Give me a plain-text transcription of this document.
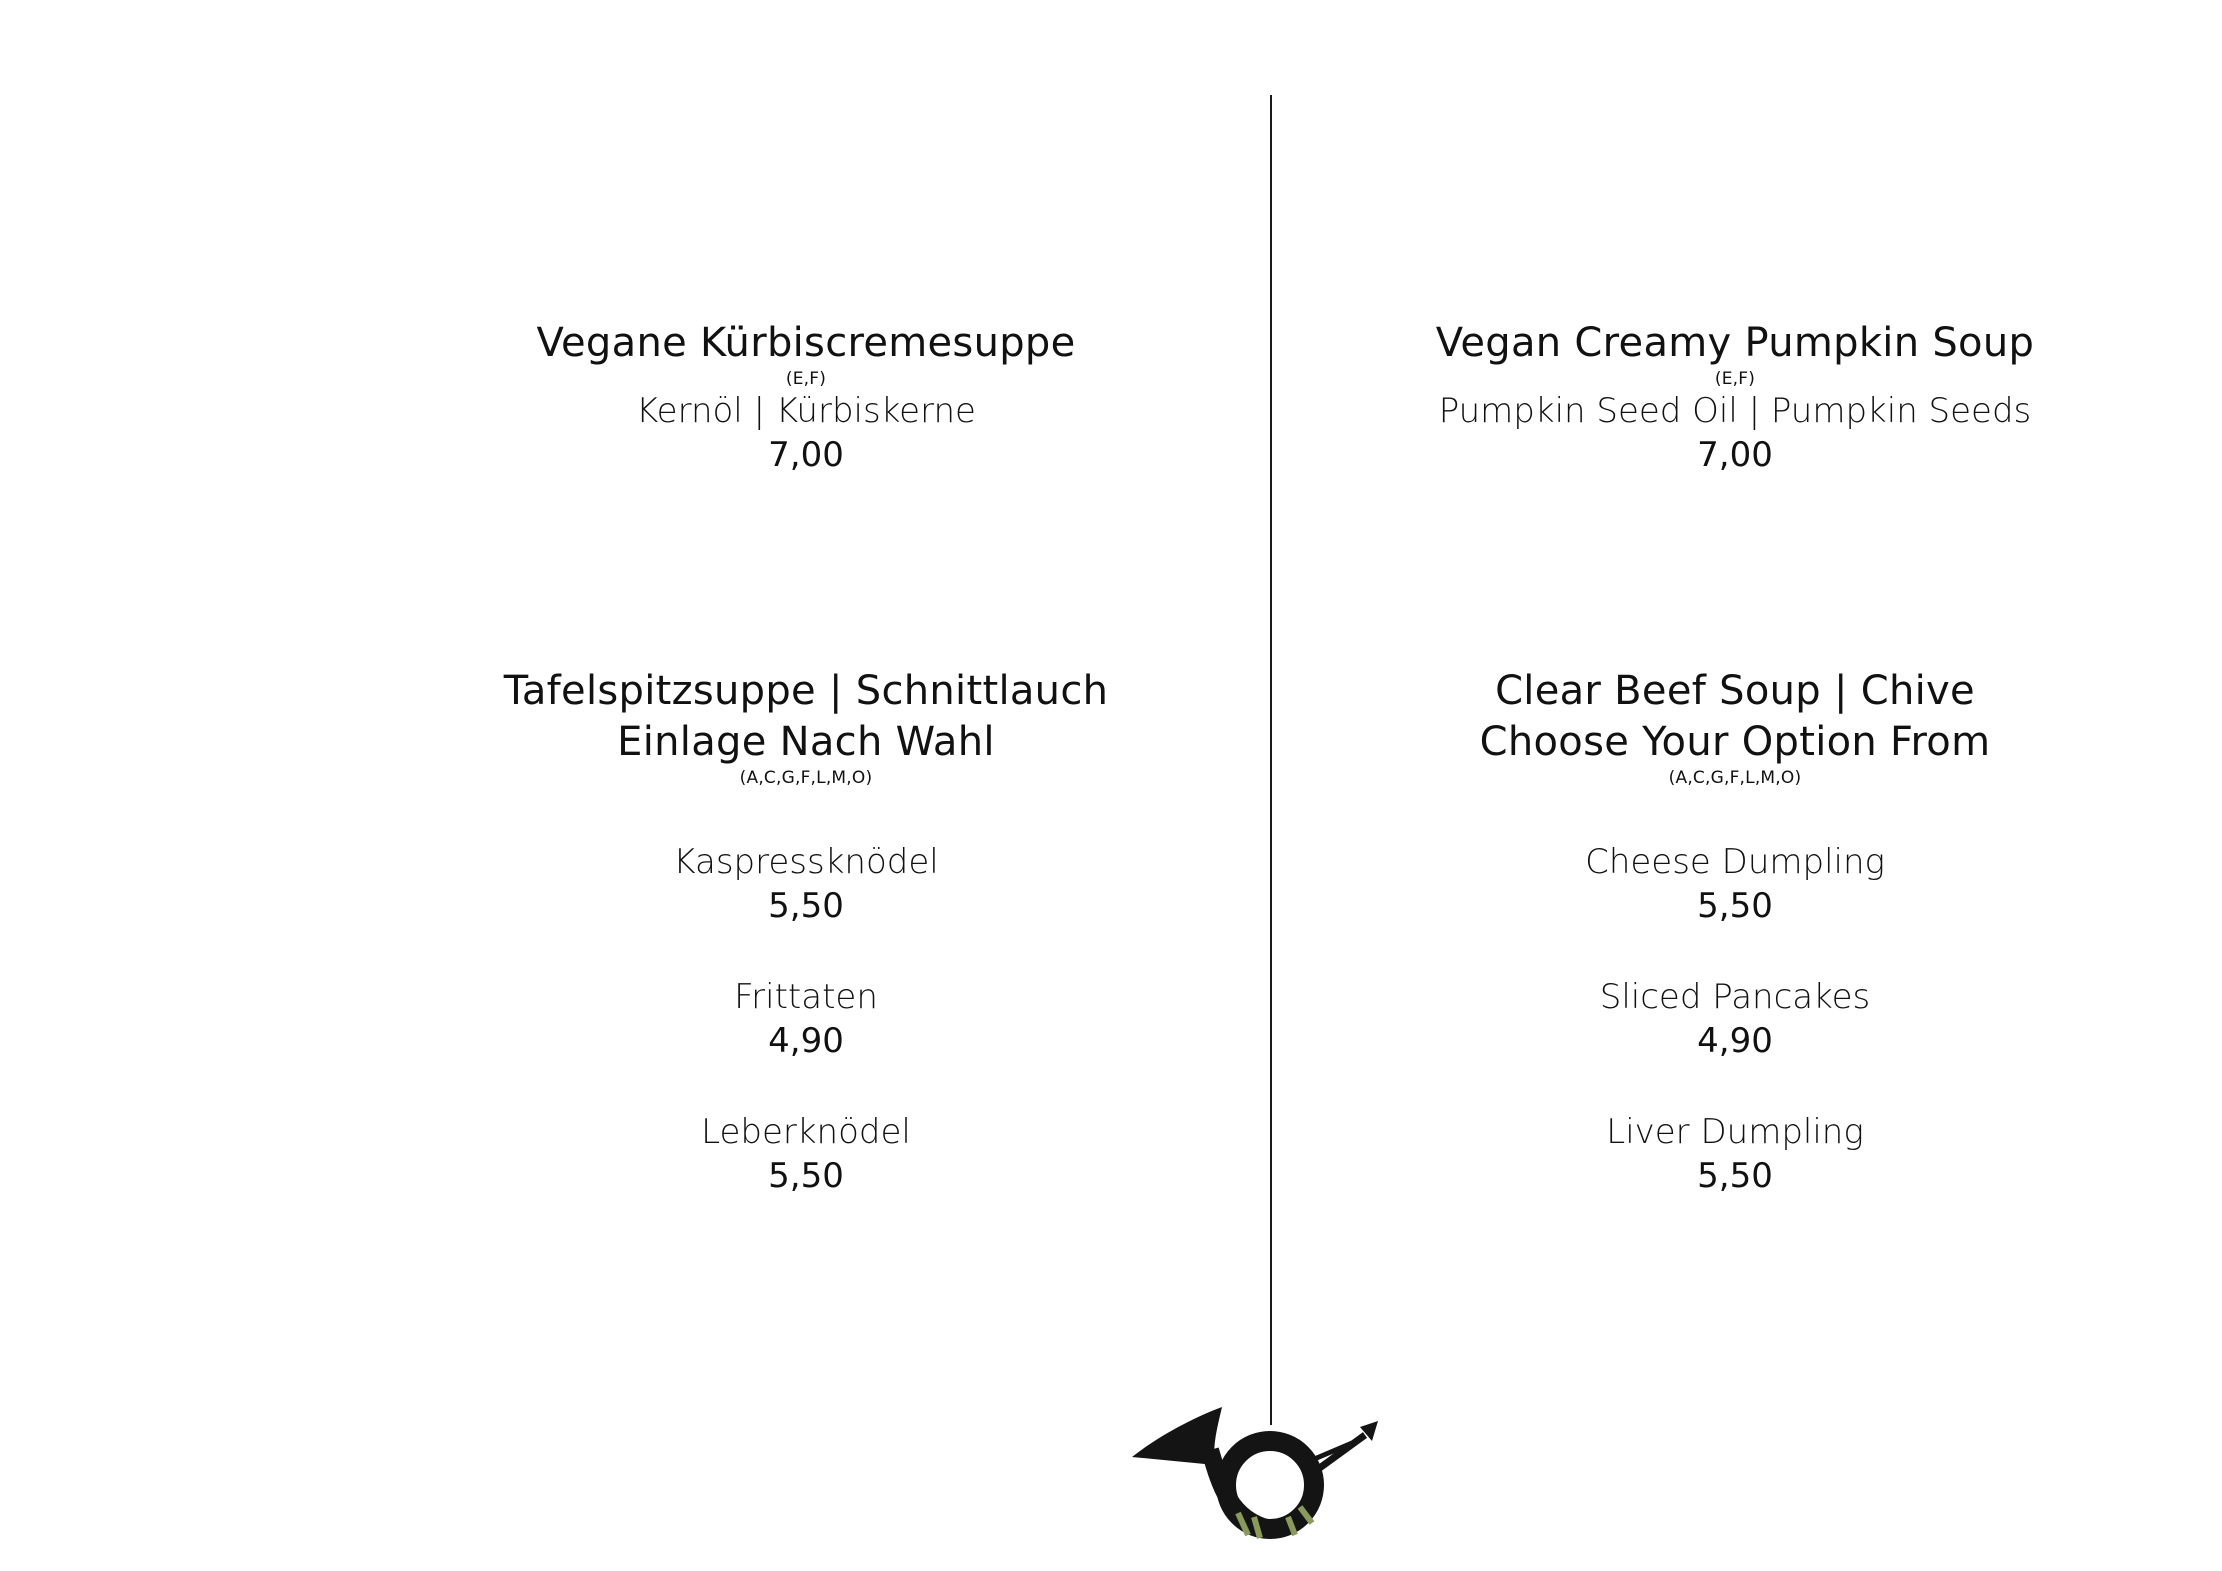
Vegane Kürbiscremesuppe

(E,F)

Kernöl | Kürbiskerne

7,00

Tafelspitzsuppe | Schnittlauch

Einlage Nach Wahl

(A,C,G,F,L,M,O)

Kaspressknödel

5,50

Frittaten

4,90

Leberknödel

5,50

Vegan Creamy Pumpkin Soup

(E,F)

Pumpkin Seed Oil | Pumpkin Seeds

7,00

Clear Beef Soup | Chive

Choose Your Option From

(A,C,G,F,L,M,O)

Cheese Dumpling

5,50

Sliced Pancakes

4,90

Liver Dumpling

5,50
